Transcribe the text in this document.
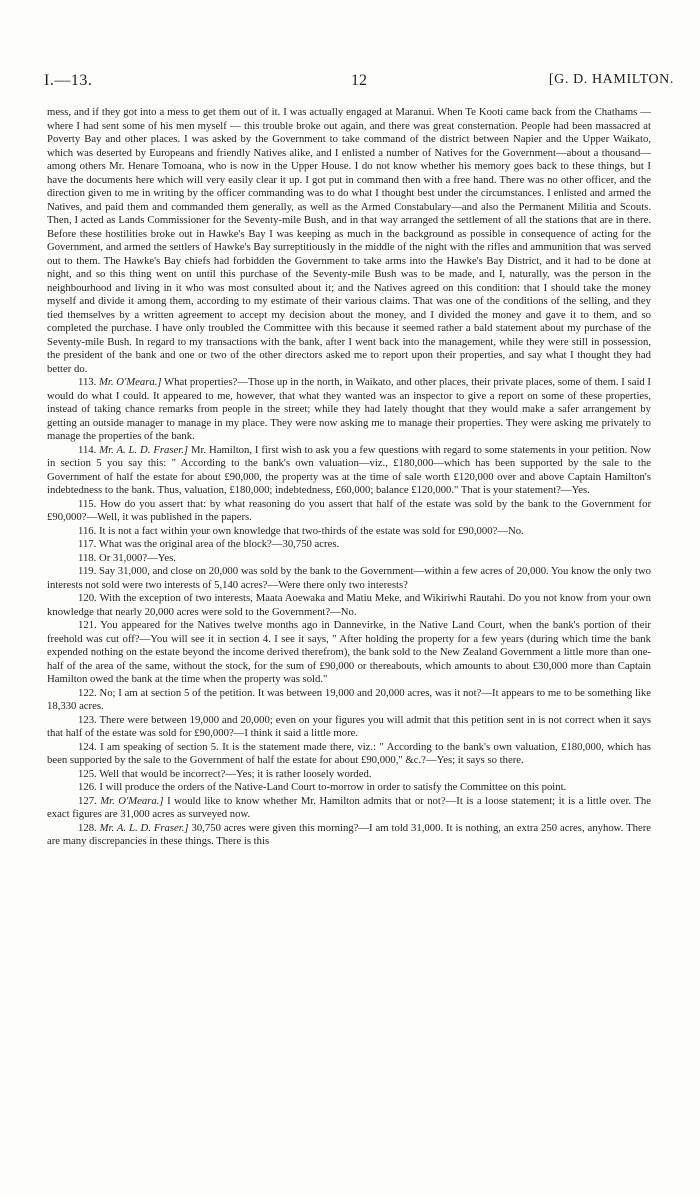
I.—13.	12	[G. D. HAMILTON.

mess, and if they got into a mess to get them out of it. I was actually engaged at Maranui. When Te Kooti came back from the Chathams — where I had sent some of his men myself — this trouble broke out again, and there was great consternation. People had been massacred at Poverty Bay and other places. I was asked by the Government to take command of the district between Napier and the Upper Waikato, which was deserted by Europeans and friendly Natives alike, and I enlisted a number of Natives for the Government—about a thousand—among others Mr. Henare Tomoana, who is now in the Upper House. I do not know whether his memory goes back to these things, but I have the documents here which will very easily clear it up. I got put in command then with a free hand. There was no other officer, and the direction given to me in writing by the officer commanding was to do what I thought best under the circumstances. I enlisted and armed the Natives, and paid them and commanded them generally, as well as the Armed Constabulary—and also the Permanent Militia and Scouts. Then, I acted as Lands Commissioner for the Seventy-mile Bush, and in that way arranged the settlement of all the stations that are in there. Before these hostilities broke out in Hawke's Bay I was keeping as much in the background as possible in consequence of acting for the Government, and armed the settlers of Hawke's Bay surreptitiously in the middle of the night with the rifles and ammunition that was served out to them. The Hawke's Bay chiefs had forbidden the Government to take arms into the Hawke's Bay District, and it had to be done at night, and so this thing went on until this purchase of the Seventy-mile Bush was to be made, and I, naturally, was the person in the neighbourhood and living in it who was most consulted about it; and the Natives agreed on this condition: that I should take the money myself and divide it among them, according to my estimate of their various claims. That was one of the conditions of the selling, and they tied themselves by a written agreement to accept my decision about the money, and I divided the money and gave it to them, and so completed the purchase. I have only troubled the Committee with this because it seemed rather a bald statement about my purchase of the Seventy-mile Bush. In regard to my transactions with the bank, after I went back into the management, while they were still in possession, the president of the bank and one or two of the other directors asked me to report upon their properties, and say what I thought they had better do.

113. Mr. O'Meara.] What properties?—Those up in the north, in Waikato, and other places, their private places, some of them. I said I would do what I could. It appeared to me, however, that what they wanted was an inspector to give a report on some of these properties, instead of taking chance remarks from people in the street; while they had lately thought that they would make a safer arrangement by getting an outside manager to manage in my place. They were now asking me to manage their properties. They were asking me privately to manage the properties of the bank.

114. Mr. A. L. D. Fraser.] Mr. Hamilton, I first wish to ask you a few questions with regard to some statements in your petition. Now in section 5 you say this: " According to the bank's own valuation—viz., £180,000—which has been supported by the sale to the Government of half the estate for about £90,000, the property was at the time of sale worth £120,000 over and above Captain Hamilton's indebtedness to the bank. Thus, valuation, £180,000; indebtedness, £60,000; balance £120,000." That is your statement?—Yes.

115. How do you assert that: by what reasoning do you assert that half of the estate was sold by the bank to the Government for £90,000?—Well, it was published in the papers.

116. It is not a fact within your own knowledge that two-thirds of the estate was sold for £90,000?—No.

117. What was the original area of the block?—30,750 acres.

118. Or 31,000?—Yes.

119. Say 31,000, and close on 20,000 was sold by the bank to the Government—within a few acres of 20,000. You know the only two interests not sold were two interests of 5,140 acres?—Were there only two interests?

120. With the exception of two interests, Maata Aoewaka and Matiu Meke, and Wikiriwhi Rautahi. Do you not know from your own knowledge that nearly 20,000 acres were sold to the Government?—No.

121. You appeared for the Natives twelve months ago in Dannevirke, in the Native Land Court, when the bank's portion of their freehold was cut off?—You will see it in section 4. I see it says, " After holding the property for a few years (during which time the bank expended nothing on the estate beyond the income derived therefrom), the bank sold to the New Zealand Government a little more than one-half of the area of the same, without the stock, for the sum of £90,000 or thereabouts, which amounts to about £30,000 more than Captain Hamilton owed the bank at the time when the property was sold."

122. No; I am at section 5 of the petition. It was between 19,000 and 20,000 acres, was it not?—It appears to me to be something like 18,330 acres.

123. There were between 19,000 and 20,000; even on your figures you will admit that this petition sent in is not correct when it says that half of the estate was sold for £90,000?—I think it said a little more.

124. I am speaking of section 5. It is the statement made there, viz.: " According to the bank's own valuation, £180,000, which has been supported by the sale to the Government of half the estate for about £90,000," &c.?—Yes; it says so there.

125. Well that would be incorrect?—Yes; it is rather loosely worded.

126. I will produce the orders of the Native-Land Court to-morrow in order to satisfy the Committee on this point.

127. Mr. O'Meara.] I would like to know whether Mr. Hamilton admits that or not?—It is a loose statement; it is a little over. The exact figures are 31,000 acres as surveyed now.

128. Mr. A. L. D. Fraser.] 30,750 acres were given this morning?—I am told 31,000. It is nothing, an extra 250 acres, anyhow. There are many discrepancies in these things. There is this
